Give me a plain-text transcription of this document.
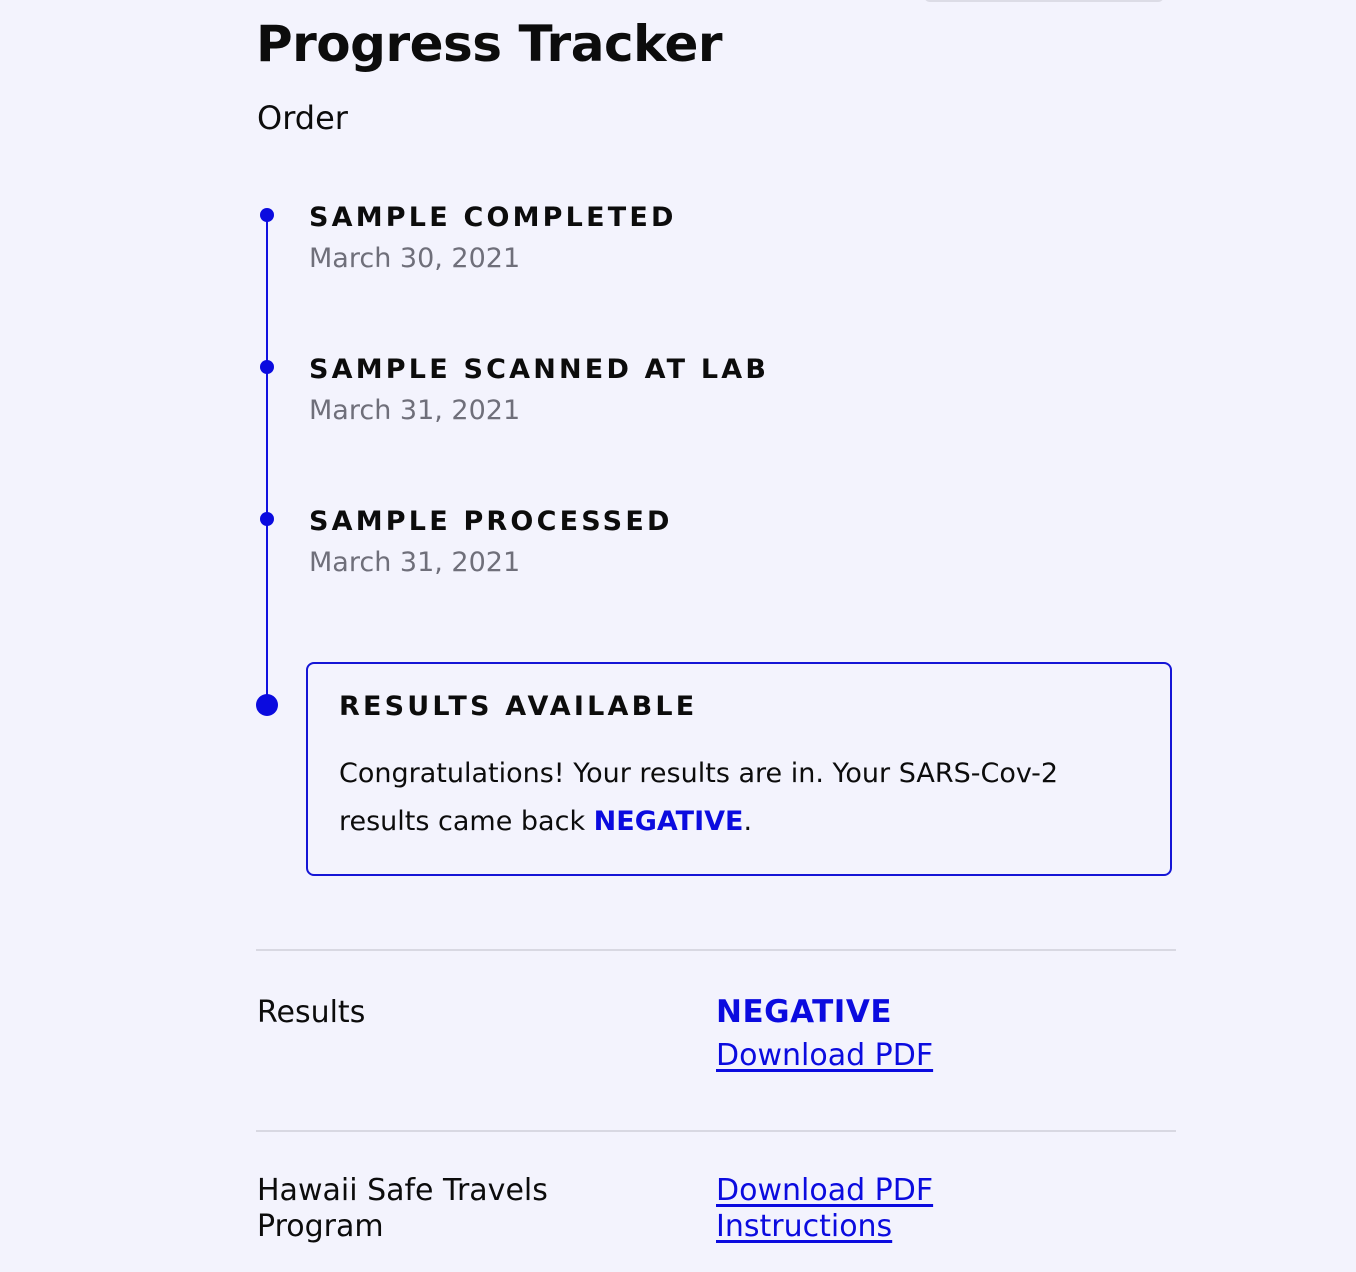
Progress Tracker
Order
SAMPLE COMPLETED
March 30, 2021
SAMPLE SCANNED AT LAB
March 31, 2021
SAMPLE PROCESSED
March 31, 2021
RESULTS AVAILABLE
Congratulations! Your results are in. Your SARS-Cov-2 results came back NEGATIVE.
Results	NEGATIVE
Download PDF
Hawaii Safe Travels Program
Download PDF
Instructions
